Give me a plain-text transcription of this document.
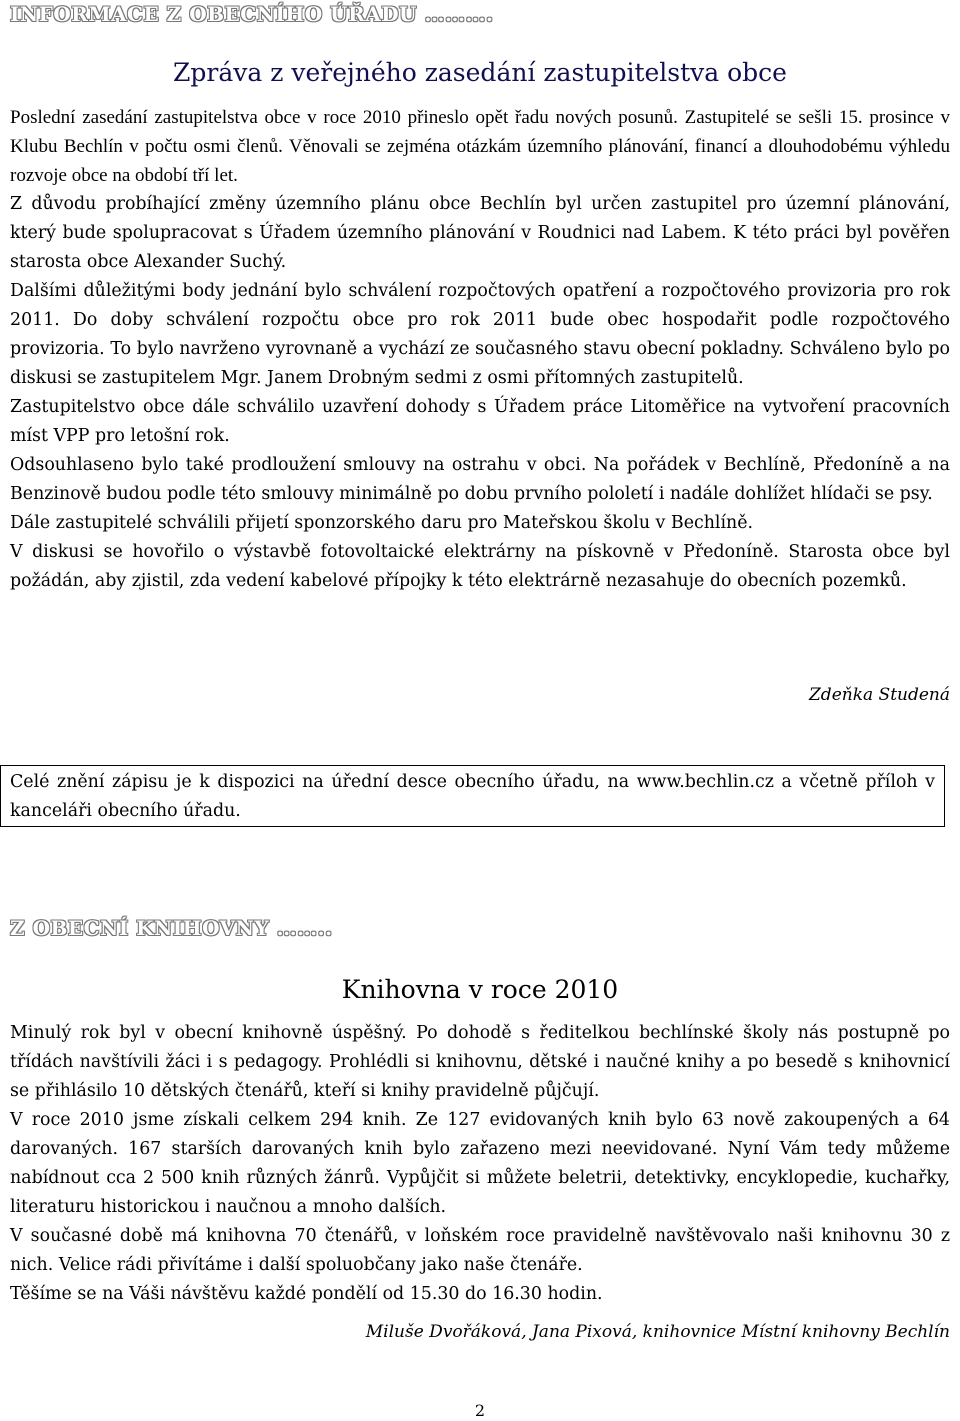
INFORMACE Z OBECNÍHO ÚŘADU ……….
Zpráva z veřejného zasedání zastupitelstva obce

Poslední zasedání zastupitelstva obce v roce 2010 přineslo opět řadu nových posunů. Zastupitelé se sešli 15. prosince v Klubu Bechlín v počtu osmi členů. Věnovali se zejména otázkám územního plánování, financí a dlouhodobému výhledu rozvoje obce na období tří let.

Z důvodu probíhající změny územního plánu obce Bechlín byl určen zastupitel pro územní plánování, který bude spolupracovat s Úřadem územního plánování v Roudnici nad Labem. K této práci byl pověřen starosta obce Alexander Suchý.

Dalšími důležitými body jednání bylo schválení rozpočtových opatření a rozpočtového provizoria pro rok 2011. Do doby schválení rozpočtu obce pro rok 2011 bude obec hospodařit podle rozpočtového provizoria. To bylo navrženo vyrovnaně a vychází ze současného stavu obecní pokladny. Schváleno bylo po diskusi se zastupitelem Mgr. Janem Drobným sedmi z osmi přítomných zastupitelů.

Zastupitelstvo obce dále schválilo uzavření dohody s Úřadem práce Litoměřice na vytvoření pracovních míst VPP pro letošní rok.

Odsouhlaseno bylo také prodloužení smlouvy na ostrahu v obci. Na pořádek v Bechlíně, Předoníně a na Benzinově budou podle této smlouvy minimálně po dobu prvního pololetí i nadále dohlížet hlídači se psy.

Dále zastupitelé schválili přijetí sponzorského daru pro Mateřskou školu v Bechlíně.

V diskusi se hovořilo o výstavbě fotovoltaické elektrárny na pískovně v Předoníně. Starosta obce byl požádán, aby zjistil, zda vedení kabelové přípojky k této elektrárně nezasahuje do obecních pozemků.

Zdeňka Studená

Celé znění zápisu je k dispozici na úřední desce obecního úřadu, na www.bechlin.cz a včetně příloh v kanceláři obecního úřadu.

Z OBECNÍ KNIHOVNY ……..
Knihovna v roce 2010

Minulý rok byl v obecní knihovně úspěšný. Po dohodě s ředitelkou bechlínské školy nás postupně po třídách navštívili žáci i s pedagogy. Prohlédli si knihovnu, dětské i naučné knihy a po besedě s knihovnicí se přihlásilo 10 dětských čtenářů, kteří si knihy pravidelně půjčují.

V roce 2010 jsme získali celkem 294 knih. Ze 127 evidovaných knih bylo 63 nově zakoupených a 64 darovaných. 167 starších darovaných knih bylo zařazeno mezi neevidované. Nyní Vám tedy můžeme nabídnout cca 2 500 knih různých žánrů. Vypůjčit si můžete beletrii, detektivky, encyklopedie, kuchařky, literaturu historickou i naučnou a mnoho dalších.

V současné době má knihovna 70 čtenářů, v loňském roce pravidelně navštěvovalo naši knihovnu 30 z nich. Velice rádi přivítáme i další spoluobčany jako naše čtenáře.

Těšíme se na Váši návštěvu každé pondělí od 15.30 do 16.30 hodin.

Miluše Dvořáková, Jana Pixová, knihovnice Místní knihovny Bechlín

2
